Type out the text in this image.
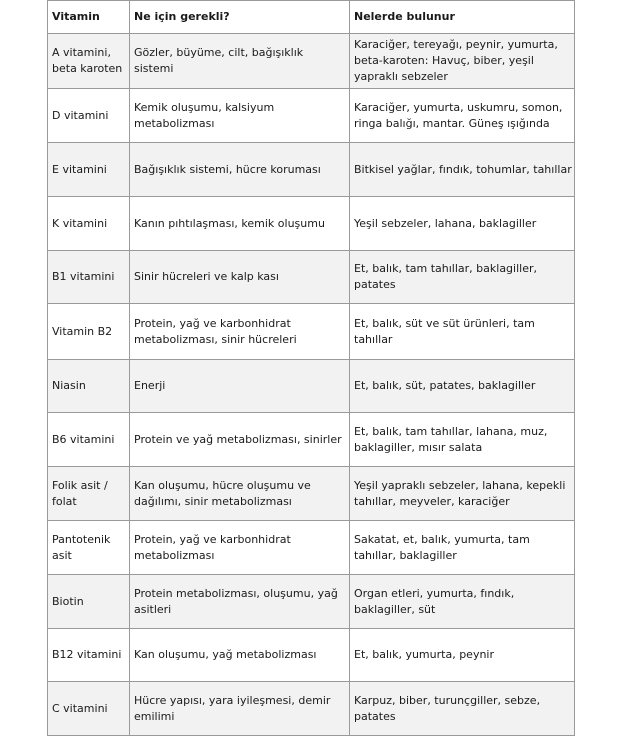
Vitamin	Ne için gerekli?	Nelerde bulunur
A vitamini, beta karoten	Gözler, büyüme, cilt, bağışıklık sistemi	Karaciğer, tereyağı, peynir, yumurta, beta-karoten: Havuç, biber, yeşil yapraklı sebzeler
D vitamini	Kemik oluşumu, kalsiyum metabolizması	Karaciğer, yumurta, uskumru, somon, ringa balığı, mantar. Güneş ışığında
E vitamini	Bağışıklık sistemi, hücre koruması	Bitkisel yağlar, fındık, tohumlar, tahıllar
K vitamini	Kanın pıhtılaşması, kemik oluşumu	Yeşil sebzeler, lahana, baklagiller
B1 vitamini	Sinir hücreleri ve kalp kası	Et, balık, tam tahıllar, baklagiller, patates
Vitamin B2	Protein, yağ ve karbonhidrat metabolizması, sinir hücreleri	Et, balık, süt ve süt ürünleri, tam tahıllar
Niasin	Enerji	Et, balık, süt, patates, baklagiller
B6 vitamini	Protein ve yağ metabolizması, sinirler	Et, balık, tam tahıllar, lahana, muz, baklagiller, mısır salata
Folik asit / folat	Kan oluşumu, hücre oluşumu ve dağılımı, sinir metabolizması	Yeşil yapraklı sebzeler, lahana, kepekli tahıllar, meyveler, karaciğer
Pantotenik asit	Protein, yağ ve karbonhidrat metabolizması	Sakatat, et, balık, yumurta, tam tahıllar, baklagiller
Biotin	Protein metabolizması, oluşumu, yağ asitleri	Organ etleri, yumurta, fındık, baklagiller, süt
B12 vitamini	Kan oluşumu, yağ metabolizması	Et, balık, yumurta, peynir
C vitamini	Hücre yapısı, yara iyileşmesi, demir emilimi	Karpuz, biber, turunçgiller, sebze, patates
